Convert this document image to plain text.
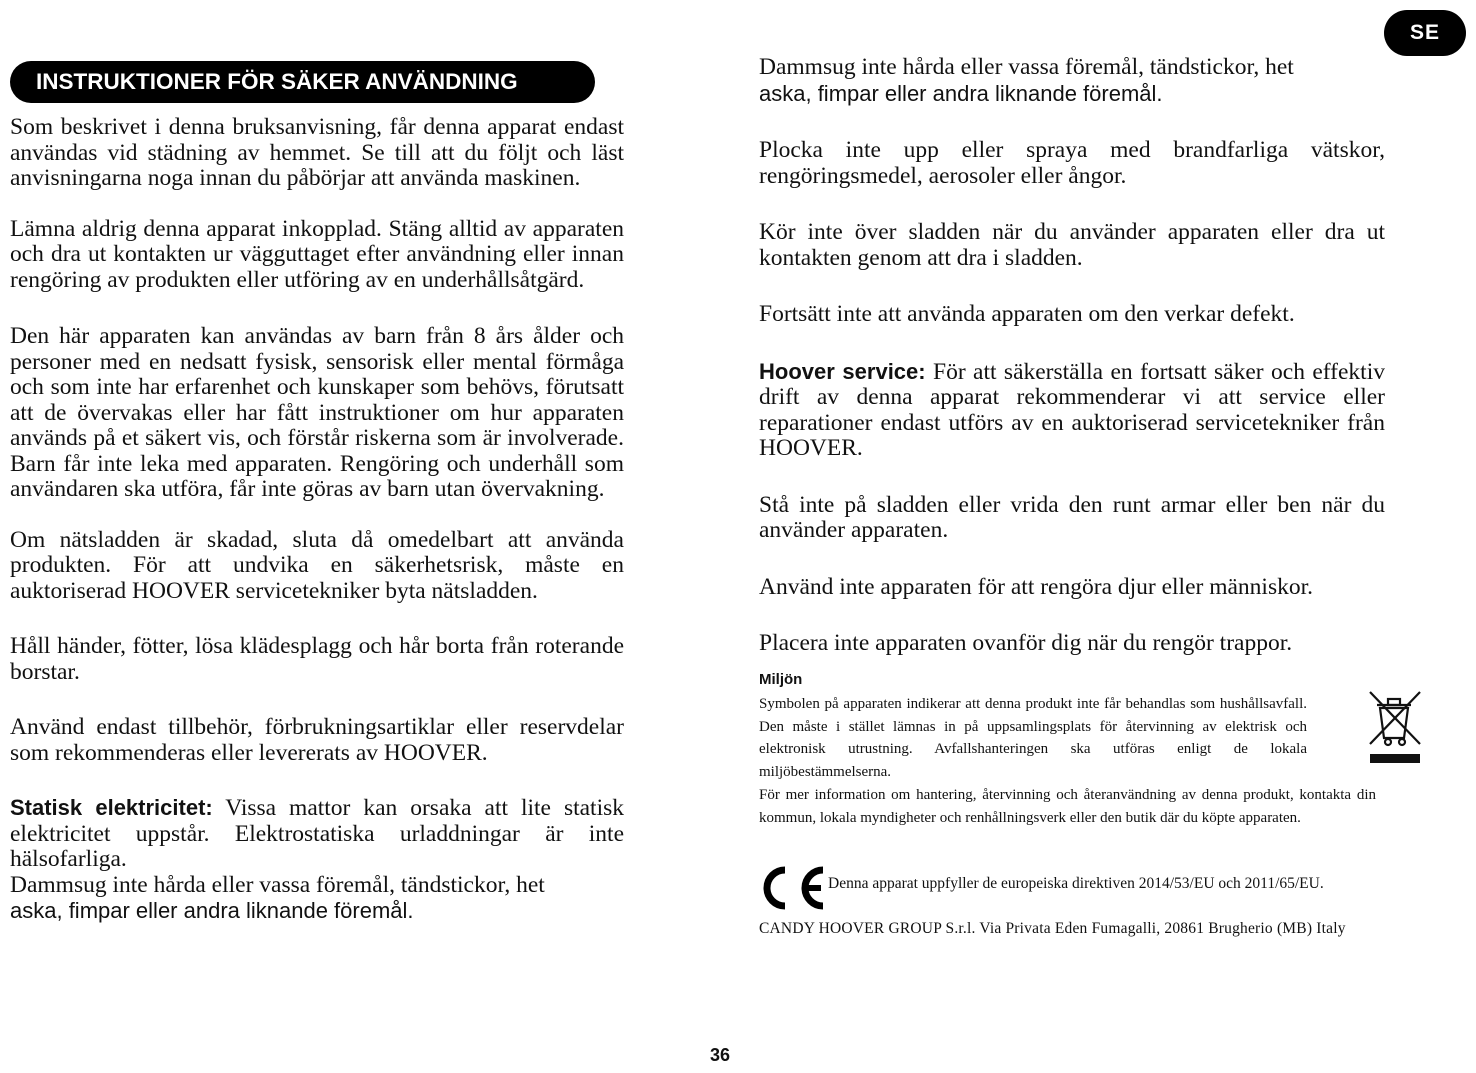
SE
INSTRUKTIONER FÖR SÄKER ANVÄNDNING

Som beskrivet i denna bruksanvisning, får denna apparat endast användas vid städning av hemmet. Se till att du följt och läst anvisningarna noga innan du påbörjar att använda maskinen.

Lämna aldrig denna apparat inkopplad. Stäng alltid av apparaten och dra ut kontakten ur vägguttaget efter användning eller innan rengöring av produkten eller utföring av en underhållsåtgärd.

Den här apparaten kan användas av barn från 8 års ålder och personer med en nedsatt fysisk, sensorisk eller mental förmåga och som inte har erfarenhet och kunskaper som behövs, förutsatt att de övervakas eller har fått instruktioner om hur apparaten används på et säkert vis, och förstår riskerna som är involverade. Barn får inte leka med apparaten. Rengöring och underhåll som användaren ska utföra, får inte göras av barn utan övervakning.

Om nätsladden är skadad, sluta då omedelbart att använda produkten. För att undvika en säkerhetsrisk, måste en auktoriserad HOOVER servicetekniker byta nätsladden.

Håll händer, fötter, lösa klädesplagg och hår borta från roterande borstar.

Använd endast tillbehör, förbrukningsartiklar eller reservdelar som rekommenderas eller levererats av HOOVER.

Statisk elektricitet: Vissa mattor kan orsaka att lite statisk elektricitet uppstår. Elektrostatiska urladdningar är inte hälsofarliga.

Dammsug inte hårda eller vassa föremål, tändstickor, het
aska, fimpar eller andra liknande föremål.

Dammsug inte hårda eller vassa föremål, tändstickor, het
aska, fimpar eller andra liknande föremål.

Plocka inte upp eller spraya med brandfarliga vätskor, rengöringsmedel, aerosoler eller ångor.

Kör inte över sladden när du använder apparaten eller dra ut kontakten genom att dra i sladden.

Fortsätt inte att använda apparaten om den verkar defekt.

Hoover service: För att säkerställa en fortsatt säker och effektiv drift av denna apparat rekommenderar vi att service eller reparationer endast utförs av en auktoriserad servicetekniker från HOOVER.

Stå inte på sladden eller vrida den runt armar eller ben när du använder apparaten.

Använd inte apparaten för att rengöra djur eller människor.

Placera inte apparaten ovanför dig när du rengör trappor.

Miljön

Symbolen på apparaten indikerar att denna produkt inte får behandlas som hushållsavfall. Den måste i stället lämnas in på uppsamlingsplats för återvinning av elektrisk och elektronisk utrustning. Avfallshanteringen ska utföras enligt de lokala miljöbestämmelserna.

För mer information om hantering, återvinning och återanvändning av denna produkt, kontakta din kommun, lokala myndigheter och renhållningsverk eller den butik där du köpte apparaten.

Denna apparat uppfyller de europeiska direktiven 2014/53/EU och 2011/65/EU.
CANDY HOOVER GROUP S.r.l. Via Privata Eden Fumagalli, 20861 Brugherio (MB) Italy
36
